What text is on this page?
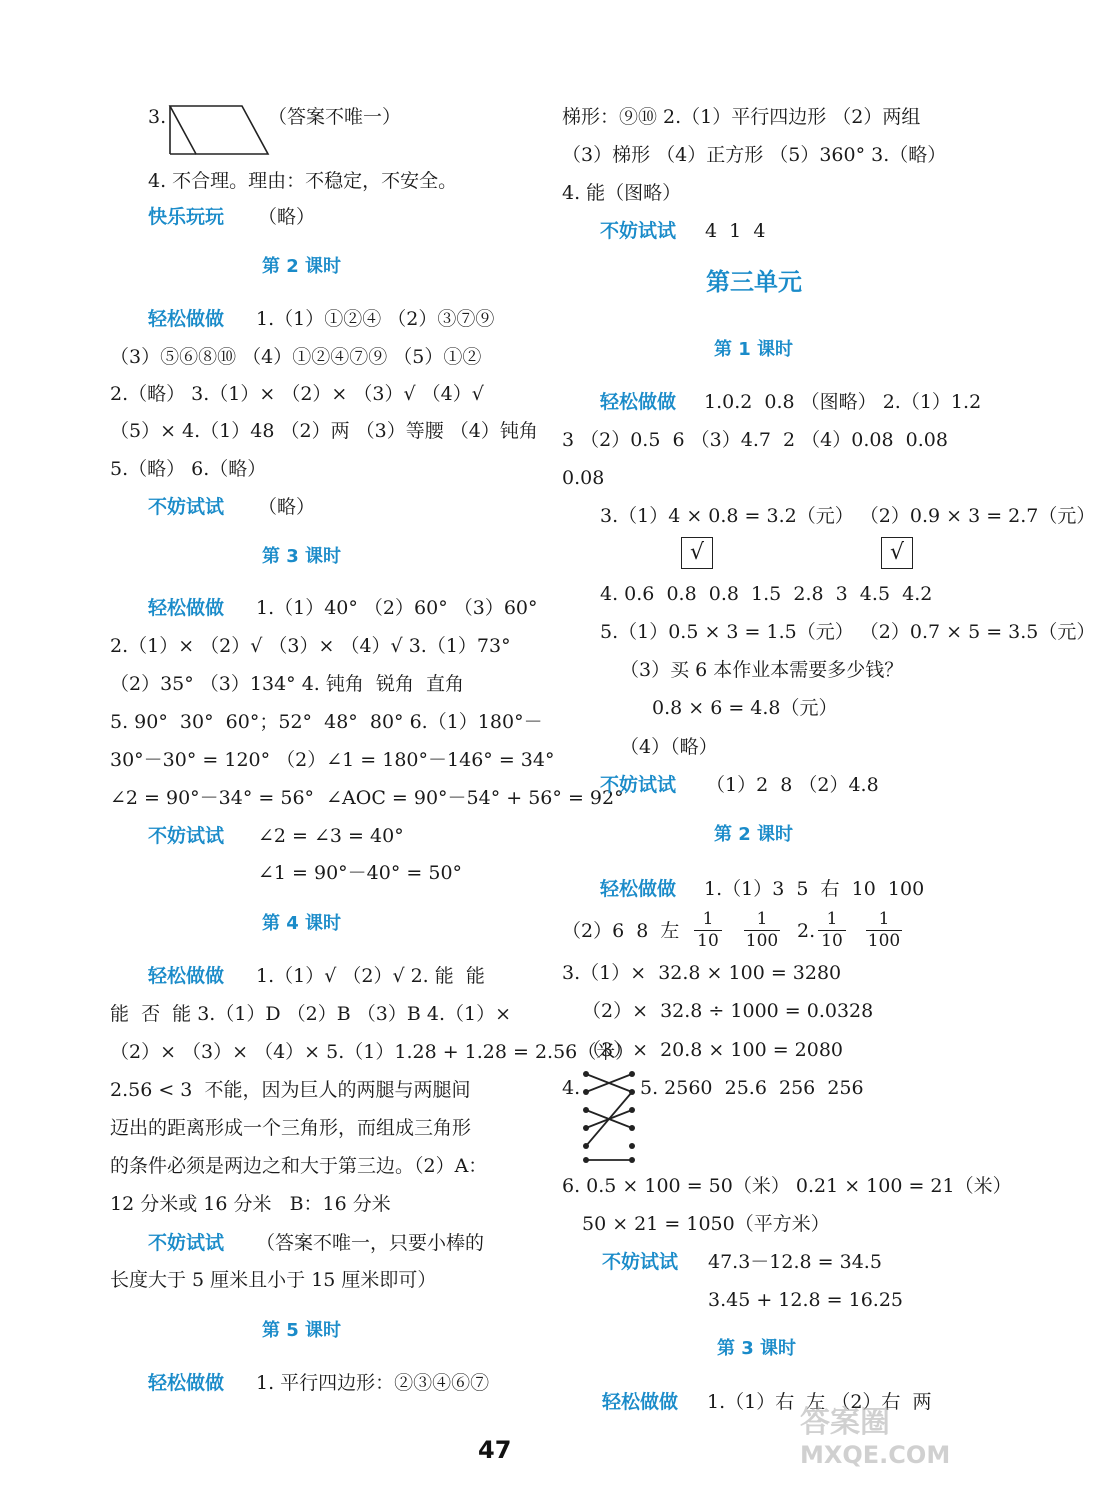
3.	（答案不唯一）
4. 不合理。理由：不稳定，不安全。
快乐玩玩 （略）
第 2 课时
轻松做做 1.（1）①②④ （2）③⑦⑨
（3）⑤⑥⑧⑩ （4）①②④⑦⑨ （5）①②
2.（略） 3.（1）× （2）× （3）√ （4）√
（5）× 4.（1）48 （2）两 （3）等腰 （4）钝角
5.（略） 6.（略）
不妨试试 （略）
第 3 课时
轻松做做 1.（1）40° （2）60° （3）60°
2.（1）× （2）√ （3）× （4）√ 3.（1）73°
（2）35° （3）134° 4. 钝角  锐角  直角
5. 90°  30°  60°；52°  48°  80° 6.（1）180°－
30°－30° = 120° （2）∠1 = 180°－146° = 34°
∠2 = 90°－34° = 56°  ∠AOC = 90°－54° + 56° = 92°
不妨试试 ∠2 = ∠3 = 40°
∠1 = 90°－40° = 50°
第 4 课时
轻松做做 1.（1）√ （2）√ 2. 能  能
能  否  能 3.（1）D （2）B （3）B 4.（1）×
（2）× （3）× （4）× 5.（1）1.28 + 1.28 = 2.56（米）
2.56 < 3  不能，因为巨人的两腿与两腿间
迈出的距离形成一个三角形，而组成三角形
的条件必须是两边之和大于第三边。（2）A：
12 分米或 16 分米   B：16 分米
不妨试试 （答案不唯一，只要小棒的
长度大于 5 厘米且小于 15 厘米即可）
第 5 课时
轻松做做 1. 平行四边形：②③④⑥⑦
梯形：⑨⑩ 2.（1）平行四边形 （2）两组
（3）梯形 （4）正方形 （5）360° 3.（略）
4. 能（图略）
不妨试试 4  1  4
第三单元
第 1 课时
轻松做做 1.0.2  0.8 （图略） 2.（1）1.2
3 （2）0.5  6 （3）4.7  2 （4）0.08  0.08
0.08
3.（1）4 × 0.8 = 3.2（元） （2）0.9 × 3 = 2.7（元）
√	√
4. 0.6  0.8  0.8  1.5  2.8  3  4.5  4.2
5.（1）0.5 × 3 = 1.5（元） （2）0.7 × 5 = 3.5（元）
（3）买 6 本作业本需要多少钱？
0.8 × 6 = 4.8（元）
（4）（略）
不妨试试 （1）2  8 （2）4.8
第 2 课时
轻松做做 1.（1）3  5  右  10  100
（2）6  8  左
1
10
1
100 2.
1
10
1
100
3.（1）×  32.8 × 100 = 3280
（2）×  32.8 ÷ 1000 = 0.0328
（3）×  20.8 × 100 = 2080
4.	5. 2560  25.6  256  256
6. 0.5 × 100 = 50（米） 0.21 × 100 = 21（米）
50 × 21 = 1050（平方米）
不妨试试 47.3－12.8 = 34.5
3.45 + 12.8 = 16.25
第 3 课时
轻松做做 1.（1）右  左 （2）右  两
47
答案圈
MXQE.COM
